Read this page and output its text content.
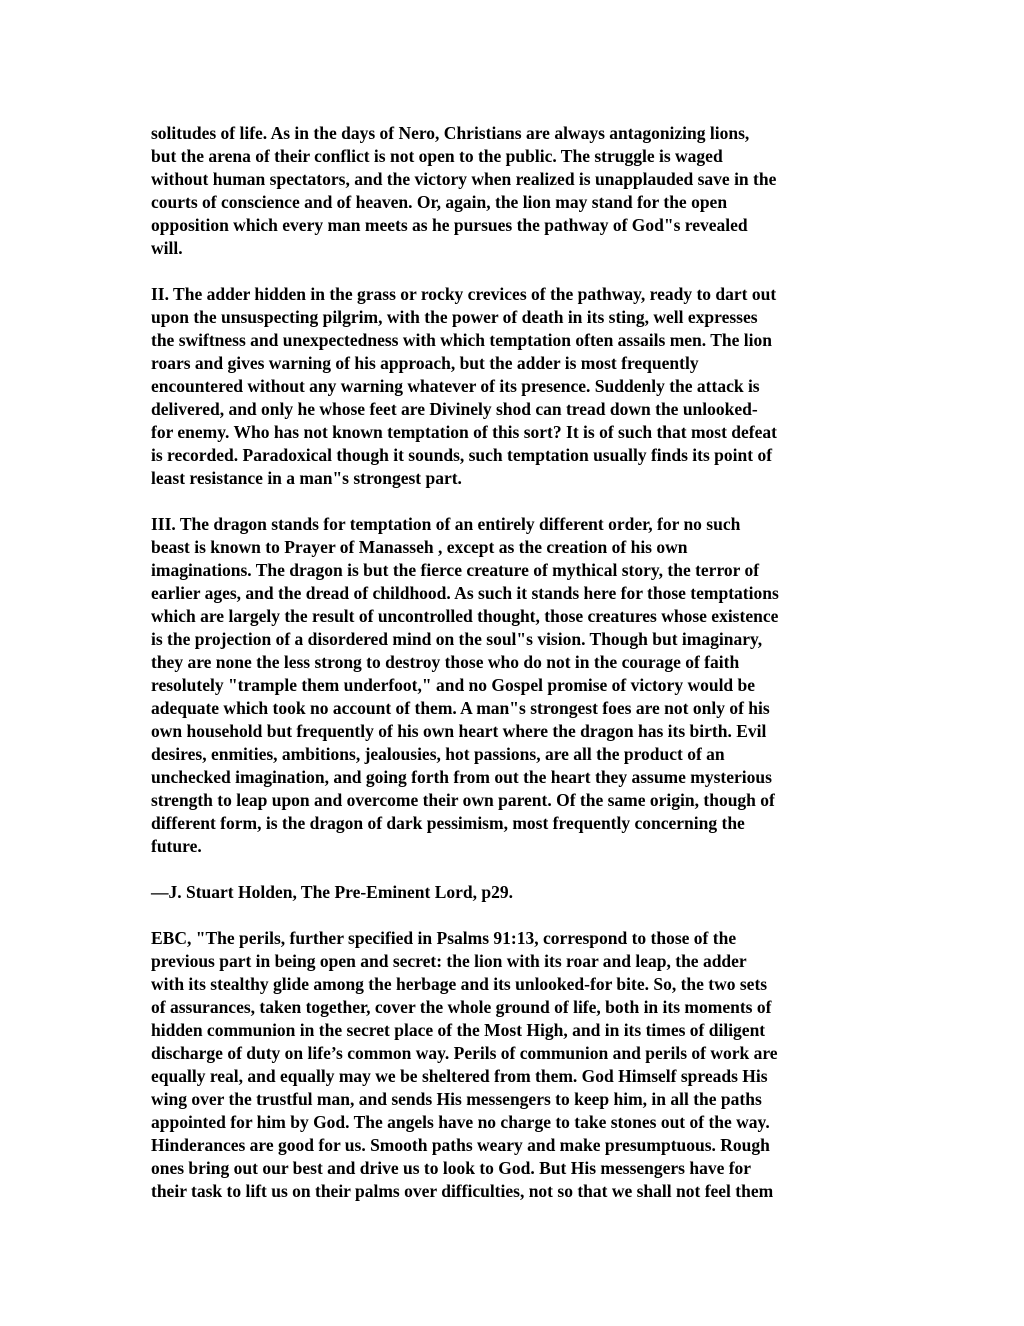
solitudes of life. As in the days of Nero, Christians are always antagonizing lions,
but the arena of their conflict is not open to the public. The struggle is waged
without human spectators, and the victory when realized is unapplauded save in the
courts of conscience and of heaven. Or, again, the lion may stand for the open
opposition which every man meets as he pursues the pathway of God"s revealed
will.

II. The adder hidden in the grass or rocky crevices of the pathway, ready to dart out
upon the unsuspecting pilgrim, with the power of death in its sting, well expresses
the swiftness and unexpectedness with which temptation often assails men. The lion
roars and gives warning of his approach, but the adder is most frequently
encountered without any warning whatever of its presence. Suddenly the attack is
delivered, and only he whose feet are Divinely shod can tread down the unlooked-
for enemy. Who has not known temptation of this sort? It is of such that most defeat
is recorded. Paradoxical though it sounds, such temptation usually finds its point of
least resistance in a man"s strongest part.

III. The dragon stands for temptation of an entirely different order, for no such
beast is known to Prayer of Manasseh , except as the creation of his own
imaginations. The dragon is but the fierce creature of mythical story, the terror of
earlier ages, and the dread of childhood. As such it stands here for those temptations
which are largely the result of uncontrolled thought, those creatures whose existence
is the projection of a disordered mind on the soul"s vision. Though but imaginary,
they are none the less strong to destroy those who do not in the courage of faith
resolutely "trample them underfoot," and no Gospel promise of victory would be
adequate which took no account of them. A man"s strongest foes are not only of his
own household but frequently of his own heart where the dragon has its birth. Evil
desires, enmities, ambitions, jealousies, hot passions, are all the product of an
unchecked imagination, and going forth from out the heart they assume mysterious
strength to leap upon and overcome their own parent. Of the same origin, though of
different form, is the dragon of dark pessimism, most frequently concerning the
future.

—J. Stuart Holden, The Pre-Eminent Lord, p29.

EBC, "The perils, further specified in Psalms 91:13, correspond to those of the
previous part in being open and secret: the lion with its roar and leap, the adder
with its stealthy glide among the herbage and its unlooked-for bite. So, the two sets
of assurances, taken together, cover the whole ground of life, both in its moments of
hidden communion in the secret place of the Most High, and in its times of diligent
discharge of duty on life’s common way. Perils of communion and perils of work are
equally real, and equally may we be sheltered from them. God Himself spreads His
wing over the trustful man, and sends His messengers to keep him, in all the paths
appointed for him by God. The angels have no charge to take stones out of the way.
Hinderances are good for us. Smooth paths weary and make presumptuous. Rough
ones bring out our best and drive us to look to God. But His messengers have for
their task to lift us on their palms over difficulties, not so that we shall not feel them
